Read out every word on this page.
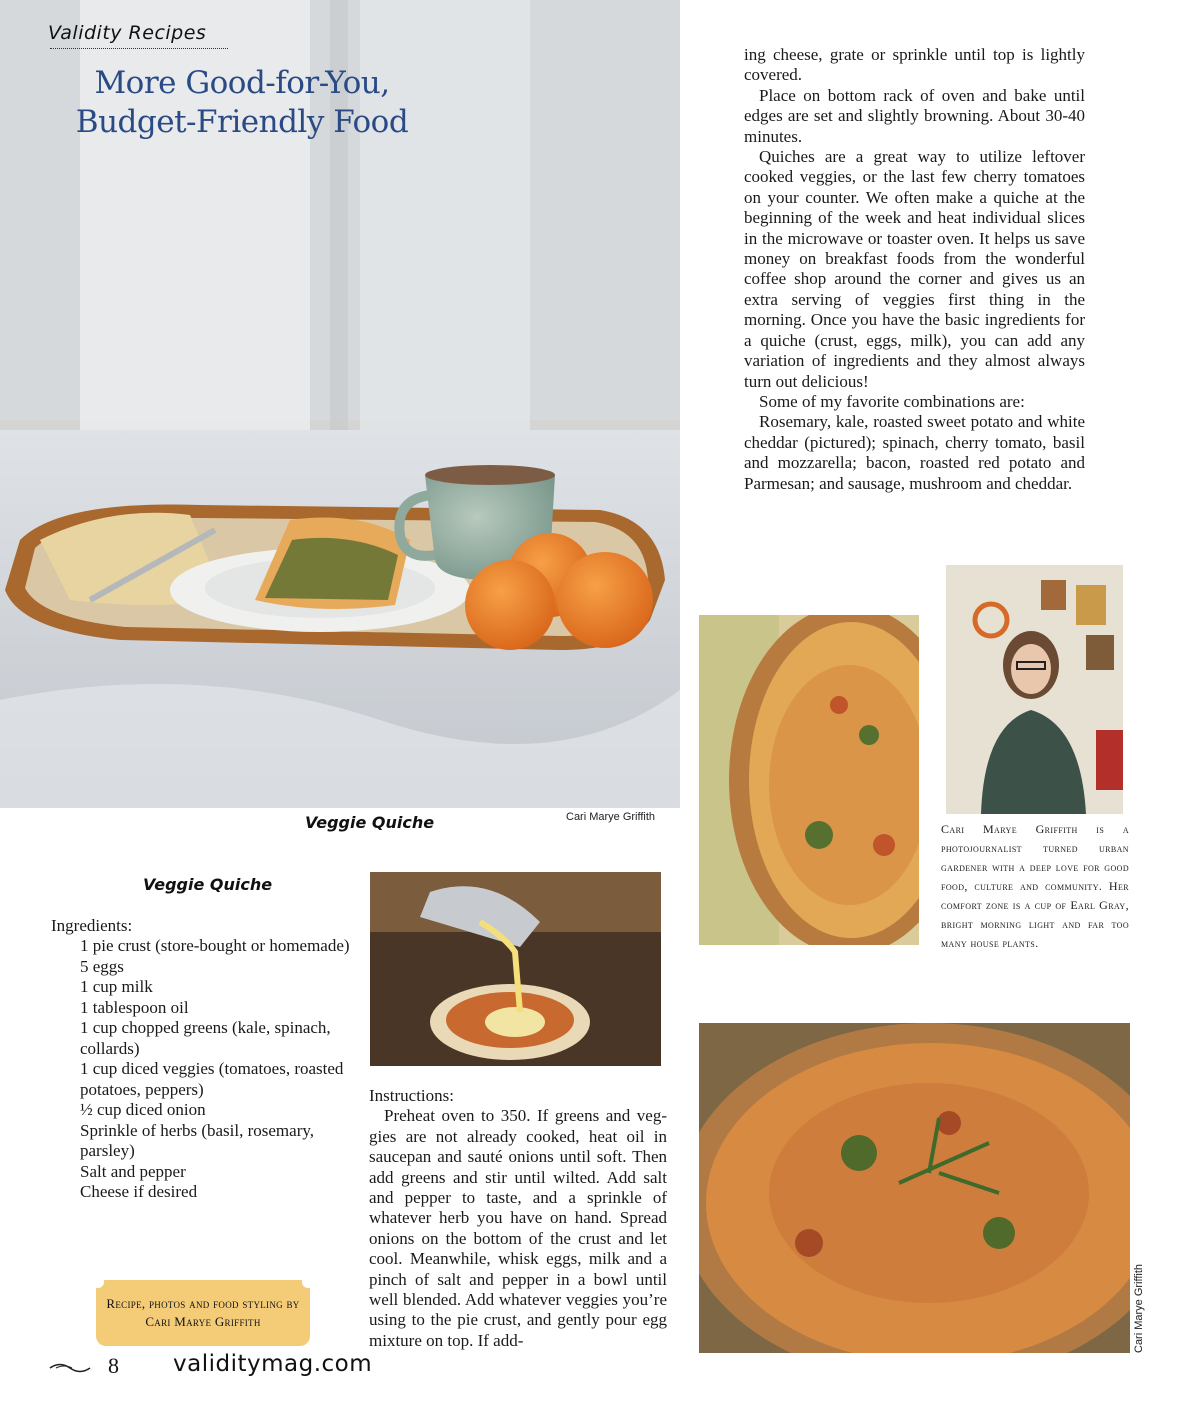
Validity Recipes
More Good-for-You,
Budget-Friendly Food
Veggie Quiche	Cari Marye Griffith
Veggie Quiche
Ingredients:
1 pie crust (store-bought or homemade)
5 eggs
1 cup milk
1 tablespoon oil
1 cup chopped greens (kale, spinach, collards)
1 cup diced veggies (tomatoes, roasted potatoes, peppers)
½ cup diced onion
Sprinkle of herbs (basil, rosemary, parsley)
Salt and pepper
Cheese if desired

Instructions:

Preheat oven to 350. If greens and veggies are not already cooked, heat oil in saucepan and sauté onions until soft. Then add greens and stir until wilted. Add salt and pepper to taste, and a sprinkle of whatever herb you have on hand. Spread onions on the bottom of the crust and let cool. Meanwhile, whisk eggs, milk and a pinch of salt and pepper in a bowl until well blended. Add whatever veggies you’re using to the pie crust, and gently pour egg mixture on top. If add-

ing cheese, grate or sprinkle until top is lightly covered.

Place on bottom rack of oven and bake until edges are set and slightly browning. About 30-40 minutes.

Quiches are a great way to utilize leftover cooked veggies, or the last few cherry tomatoes on your counter. We often make a quiche at the beginning of the week and heat individual slices in the microwave or toaster oven. It helps us save money on breakfast foods from the wonderful coffee shop around the corner and gives us an extra serving of veggies first thing in the morning. Once you have the basic ingredients for a quiche (crust, eggs, milk), you can add any variation of ingredients and they almost always turn out delicious!

Some of my favorite combinations are:

Rosemary, kale, roasted sweet potato and white cheddar (pictured); spinach, cherry tomato, basil and mozzarella; bacon, roasted red potato and Parmesan; and sausage, mushroom and cheddar.

Cari Marye Griffith is a photojournalist turned urban gardener with a deep love for good food, culture and community. Her comfort zone is a cup of Earl Gray, bright morning light and far too many house plants.
Cari Marye Griffith
Recipe, photos and food styling by Cari Marye Griffith
8 validitymag.com
